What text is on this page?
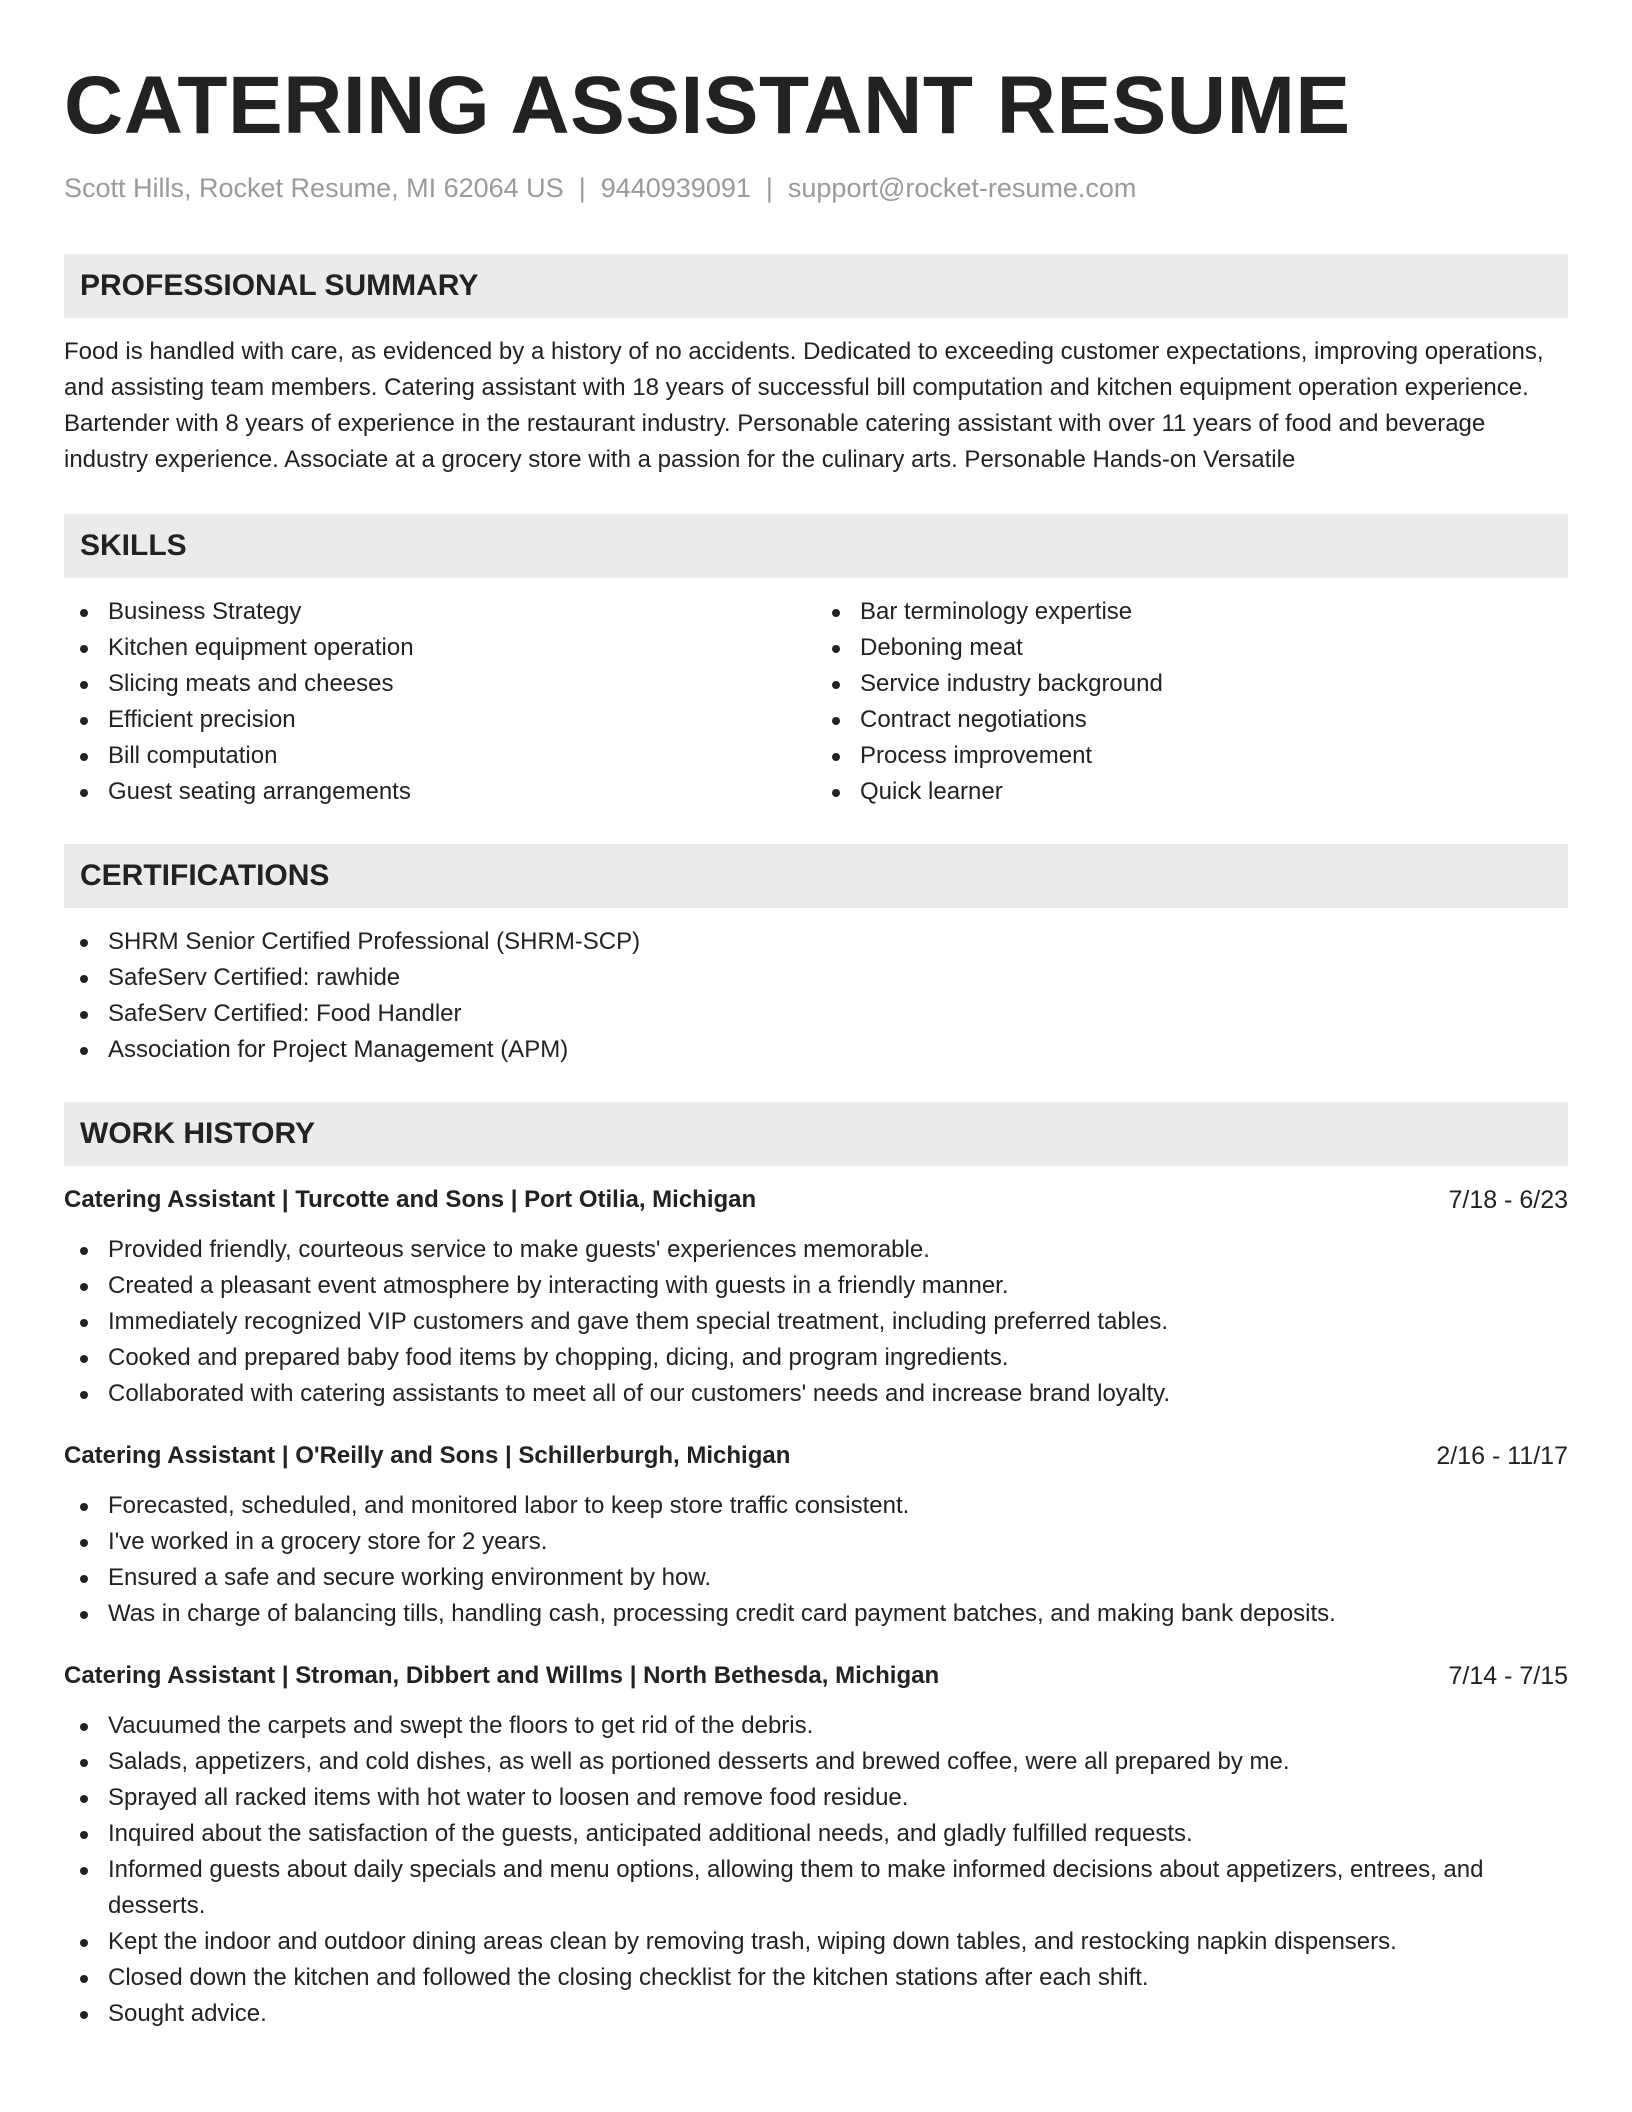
CATERING ASSISTANT RESUME
Scott Hills, Rocket Resume, MI 62064 US | 9440939091 | support@rocket-resume.com
PROFESSIONAL SUMMARY

Food is handled with care, as evidenced by a history of no accidents. Dedicated to exceeding customer expectations, improving operations, and assisting team members. Catering assistant with 18 years of successful bill computation and kitchen equipment operation experience. Bartender with 8 years of experience in the restaurant industry. Personable catering assistant with over 11 years of food and beverage industry experience. Associate at a grocery store with a passion for the culinary arts. Personable Hands-on Versatile

SKILLS
Business Strategy
Kitchen equipment operation
Slicing meats and cheeses
Efficient precision
Bill computation
Guest seating arrangements
Bar terminology expertise
Deboning meat
Service industry background
Contract negotiations
Process improvement
Quick learner
CERTIFICATIONS
SHRM Senior Certified Professional (SHRM-SCP)
SafeServ Certified: rawhide
SafeServ Certified: Food Handler
Association for Project Management (APM)
WORK HISTORY
Catering Assistant | Turcotte and Sons | Port Otilia, Michigan	7/18 - 6/23
Provided friendly, courteous service to make guests' experiences memorable.
Created a pleasant event atmosphere by interacting with guests in a friendly manner.
Immediately recognized VIP customers and gave them special treatment, including preferred tables.
Cooked and prepared baby food items by chopping, dicing, and program ingredients.
Collaborated with catering assistants to meet all of our customers' needs and increase brand loyalty.
Catering Assistant | O'Reilly and Sons | Schillerburgh, Michigan	2/16 - 11/17
Forecasted, scheduled, and monitored labor to keep store traffic consistent.
I've worked in a grocery store for 2 years.
Ensured a safe and secure working environment by how.
Was in charge of balancing tills, handling cash, processing credit card payment batches, and making bank deposits.
Catering Assistant | Stroman, Dibbert and Willms | North Bethesda, Michigan	7/14 - 7/15
Vacuumed the carpets and swept the floors to get rid of the debris.
Salads, appetizers, and cold dishes, as well as portioned desserts and brewed coffee, were all prepared by me.
Sprayed all racked items with hot water to loosen and remove food residue.
Inquired about the satisfaction of the guests, anticipated additional needs, and gladly fulfilled requests.
Informed guests about daily specials and menu options, allowing them to make informed decisions about appetizers, entrees, and desserts.
Kept the indoor and outdoor dining areas clean by removing trash, wiping down tables, and restocking napkin dispensers.
Closed down the kitchen and followed the closing checklist for the kitchen stations after each shift.
Sought advice.
